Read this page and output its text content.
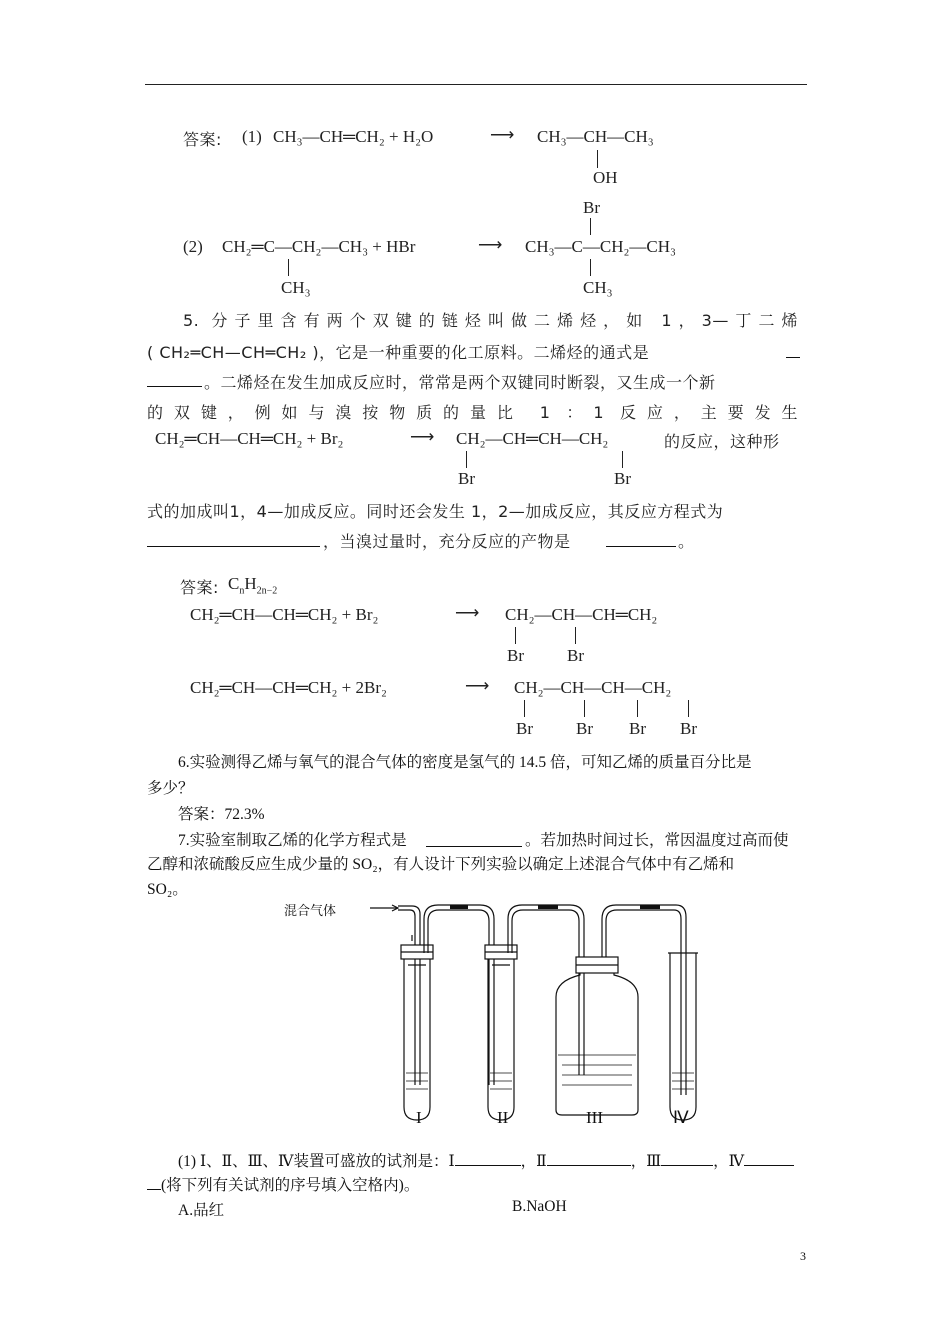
答案: (1) CH₃—CH═CH₂ + H₂O	⟶ CH₃—CH—CH₃
OH
Br
(2) CH₂═C—CH₂—CH₃ + HBr	⟶ CH₃—C—CH₂—CH₃
CH₃	CH₃
5. 分子里含有两个双键的链烃叫做二烯烃，如 1，3—丁二烯
( CH₂═CH—CH═CH₂ )，它是一种重要的化工原料。二烯烃的通式是
。二烯烃在发生加成反应时，常常是两个双键同时断裂，又生成一个新
的双键，例如与溴按物质的量比 1 ：1 反应，主要发生
CH₂═CH—CH═CH₂ + Br₂	⟶ CH₂—CH═CH—CH₂	的反应，这种形
Br	Br
式的加成叫1，4—加成反应。同时还会发生 1，2—加成反应，其反应方程式为
，当溴过量时，充分反应的产物是	。
答案: $C_nH_{2n-2}$
CH₂═CH—CH═CH₂ + Br₂	⟶ CH₂—CH—CH═CH₂
Br	Br
CH₂═CH—CH═CH₂ + 2Br₂	⟶ CH₂—CH—CH—CH₂
Br	Br Br Br
6.实验测得乙烯与氧气的混合气体的密度是氢气的 14.5 倍，可知乙烯的质量百分比是
多少？
答案：72.3%
7.实验室制取乙烯的化学方程式是	。若加热时间过长，常因温度过高而使
乙醇和浓硫酸反应生成少量的 SO₂，有人设计下列实验以确定上述混合气体中有乙烯和
SO₂。
混合气体
I	II	III	Ⅳ
(1) Ⅰ、Ⅱ、Ⅲ、Ⅳ装置可盛放的试剂是：Ⅰ	，Ⅱ	，Ⅲ	，Ⅳ
(将下列有关试剂的序号填入空格内)。
A.品红	B.NaOH
3
